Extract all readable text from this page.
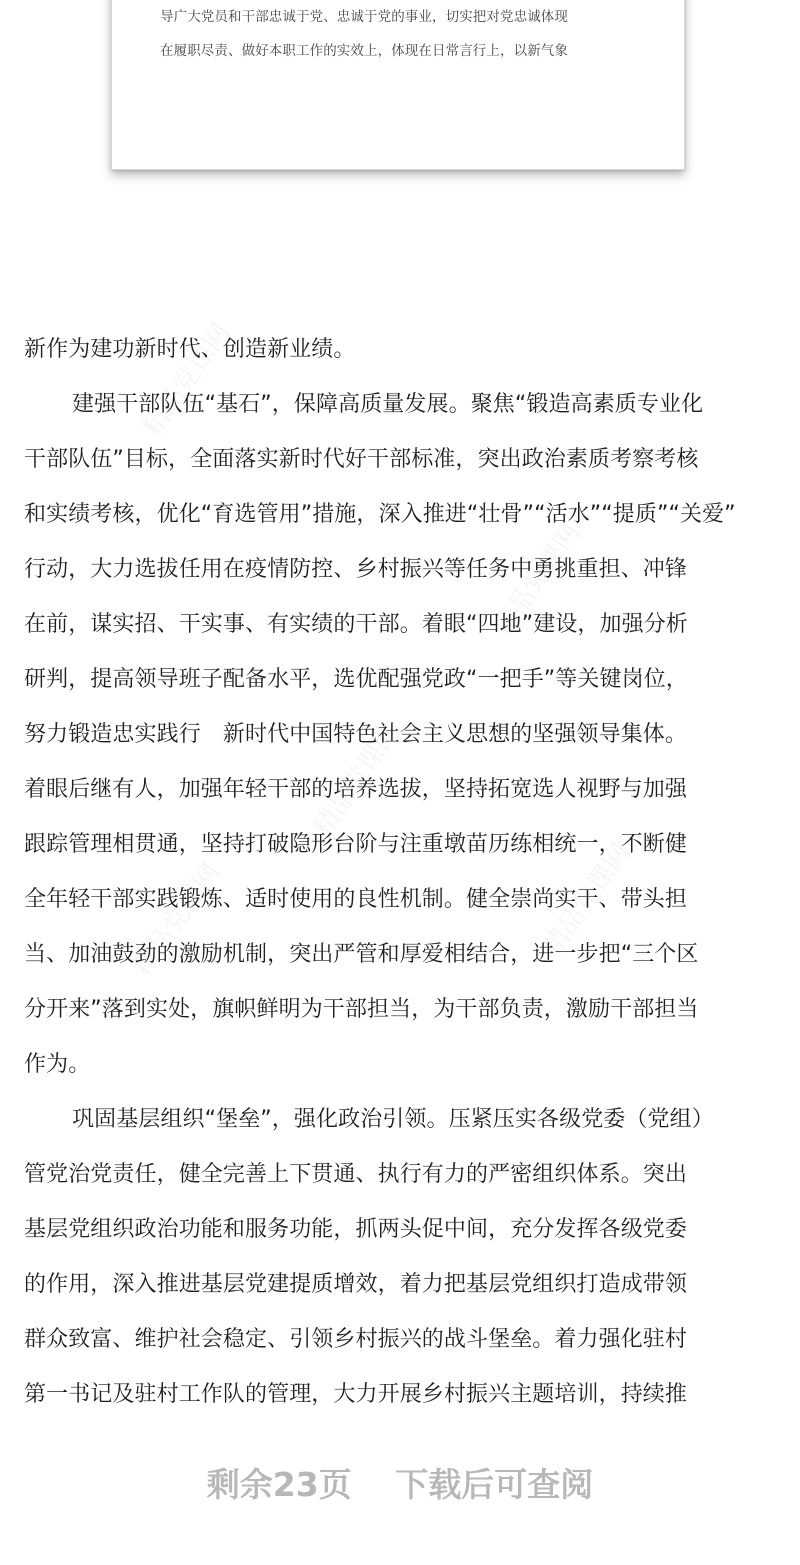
导广大党员和干部忠诚于党、忠诚于党的事业，切实把对党忠诚体现
在履职尽责、做好本职工作的实效上，体现在日常言行上，以新气象
新作为建功新时代、创造新业绩。
建强干部队伍“基石”，保障高质量发展。聚焦“锻造高素质专业化
干部队伍”目标，全面落实新时代好干部标准，突出政治素质考察考核
和实绩考核，优化“育选管用”措施，深入推进“壮骨”“活水”“提质”“关爱”
行动，大力选拔任用在疫情防控、乡村振兴等任务中勇挑重担、冲锋
在前，谋实招、干实事、有实绩的干部。着眼“四地”建设，加强分析
研判，提高领导班子配备水平，选优配强党政“一把手”等关键岗位，
努力锻造忠实践行　新时代中国特色社会主义思想的坚强领导集体。
着眼后继有人，加强年轻干部的培养选拔，坚持拓宽选人视野与加强
跟踪管理相贯通，坚持打破隐形台阶与注重墩苗历练相统一，不断健
全年轻干部实践锻炼、适时使用的良性机制。健全崇尚实干、带头担
当、加油鼓劲的激励机制，突出严管和厚爱相结合，进一步把“三个区
分开来”落到实处，旗帜鲜明为干部担当，为干部负责，激励干部担当
作为。
巩固基层组织“堡垒”，强化政治引领。压紧压实各级党委（党组）
管党治党责任，健全完善上下贯通、执行有力的严密组织体系。突出
基层党组织政治功能和服务功能，抓两头促中间，充分发挥各级党委
的作用，深入推进基层党建提质增效，着力把基层党组织打造成带领
群众致富、维护社会稳定、引领乡村振兴的战斗堡垒。着力强化驻村
第一书记及驻村工作队的管理，大力开展乡村振兴主题培训，持续推
剩余23页 下载后可查阅
